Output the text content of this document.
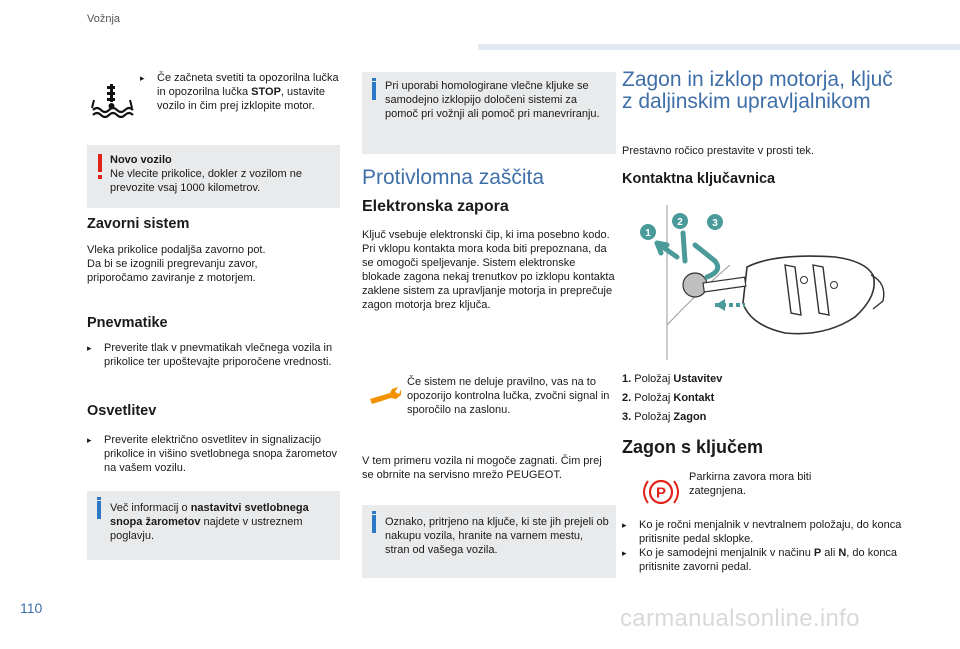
Vožnja
▸ Če začneta svetiti ta opozorilna lučka in opozorilna lučka STOP, ustavite vozilo in čim prej izklopite motor.
Novo vozilo
Ne vlecite prikolice, dokler z vozilom ne prevozite vsaj 1000 kilometrov.
Zavorni sistem
Vleka prikolice podaljša zavorno pot.
Da bi se izognili pregrevanju zavor,
priporočamo zaviranje z motorjem.
Pnevmatike
▸ Preverite tlak v pnevmatikah vlečnega vozila in prikolice ter upoštevajte priporočene vrednosti.
Osvetlitev
▸ Preverite električno osvetlitev in signalizacijo prikolice in višino svetlobnega snopa žarometov na vašem vozilu.
Več informacij o nastavitvi svetlobnega snopa žarometov najdete v ustreznem poglavju.
Pri uporabi homologirane vlečne kljuke se samodejno izklopijo določeni sistemi za pomoč pri vožnji ali pomoč pri manevriranju.
Protivlomna zaščita
Elektronska zapora
Ključ vsebuje elektronski čip, ki ima posebno kodo. Pri vklopu kontakta mora koda biti prepoznana, da se omogoči speljevanje. Sistem elektronske blokade zagona nekaj trenutkov po izklopu kontakta zaklene sistem za upravljanje motorja in preprečuje zagon motorja brez ključa.
Če sistem ne deluje pravilno, vas na to opozorijo kontrolna lučka, zvočni signal in sporočilo na zaslonu.
V tem primeru vozila ni mogoče zagnati. Čim prej se obrnite na servisno mrežo PEUGEOT.
Oznako, pritrjeno na ključe, ki ste jih prejeli ob nakupu vozila, hranite na varnem mestu, stran od vašega vozila.
Zagon in izklop motorja, ključ z daljinskim upravljalnikom
Prestavno ročico prestavite v prosti tek.
Kontaktna ključavnica
1
2	3
1. Položaj Ustavitev
2. Položaj Kontakt
3. Položaj Zagon
Zagon s ključem
P
Parkirna zavora mora biti zategnjena.
▸ Ko je ročni menjalnik v nevtralnem položaju, do konca pritisnite pedal sklopke.
▸ Ko je samodejni menjalnik v načinu P ali N, do konca pritisnite zavorni pedal.
110	carmanualsonline.info
